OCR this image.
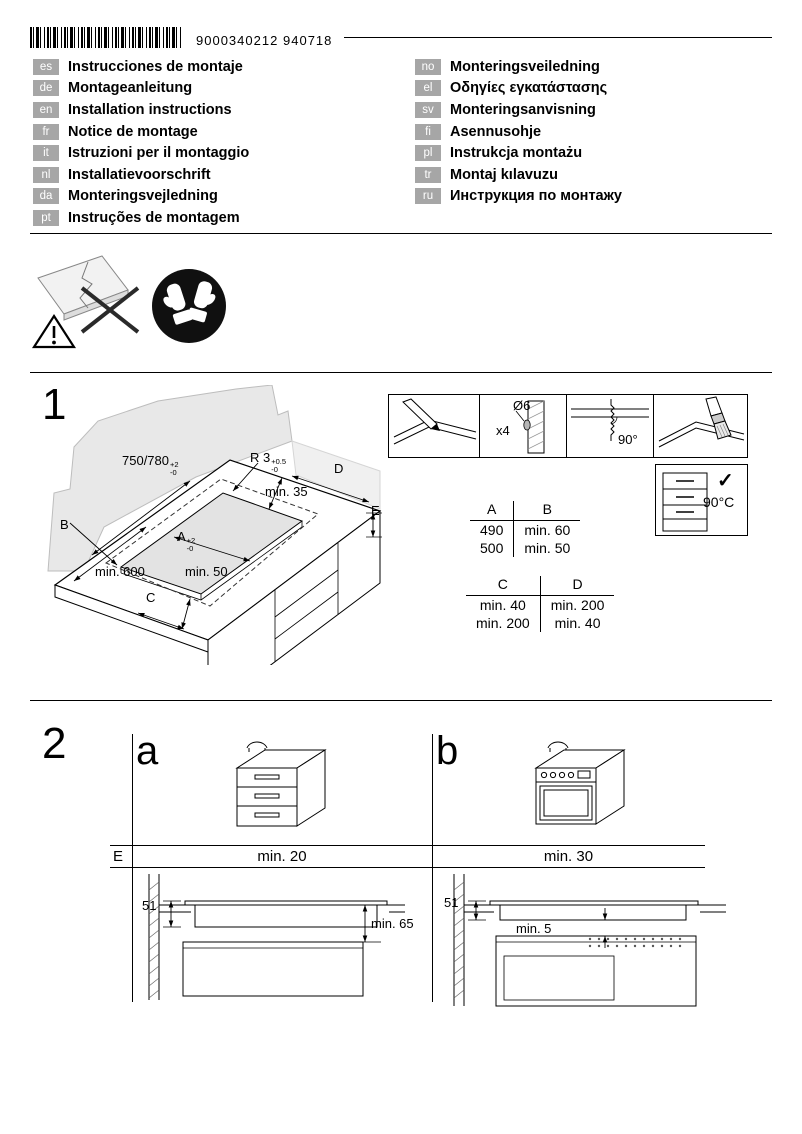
9000340212 940718
es	Instrucciones de montaje
de	Montageanleitung
en	Installation instructions
fr	Notice de montage
it	Istruzioni per il montaggio
nl	Installatievoorschrift
da	Monteringsvejledning
pt	Instruções de montagem
no	Monteringsveiledning
el	Οδηγίες εγκατάστασης
sv	Monteringsanvisning
fi	Asennusohje
pl	Instrukcja montażu
tr	Montaj kılavuzu
ru	Инструкция по монтажу
1
750/780 +2
-0
R 3 +0.5
-0
min. 35
D
E
B
A +2
-0
min. 600	min. 50
C
Ø6
x4
90°
✓
90°C
A	B
490	min. 60
500	min. 50
C	D
min. 40	min. 200
min. 200	min. 40
2 a	b
E	min. 20	min. 30
51
min. 65
51
min. 5
